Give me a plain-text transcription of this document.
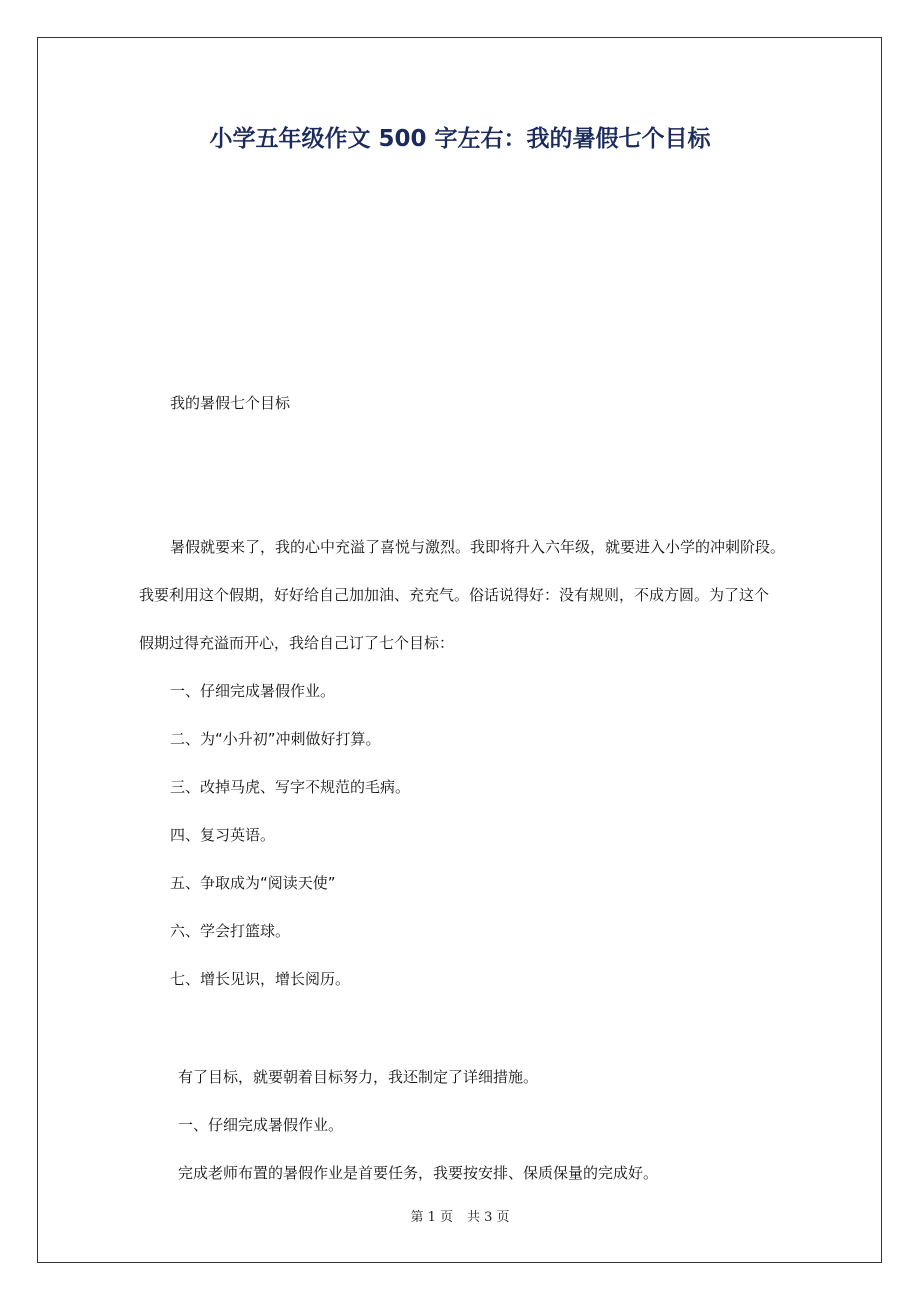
小学五年级作文 500 字左右：我的暑假七个目标
我的暑假七个目标
暑假就要来了，我的心中充溢了喜悦与激烈。我即将升入六年级，就要进入小学的冲刺阶段。
我要利用这个假期，好好给自己加加油、充充气。俗话说得好：没有规则，不成方圆。为了这个
假期过得充溢而开心，我给自己订了七个目标：
一、仔细完成暑假作业。
二、为“小升初”冲刺做好打算。
三、改掉马虎、写字不规范的毛病。
四、复习英语。
五、争取成为“阅读天使”
六、学会打篮球。
七、增长见识，增长阅历。
有了目标，就要朝着目标努力，我还制定了详细措施。
一、仔细完成暑假作业。
完成老师布置的暑假作业是首要任务，我要按安排、保质保量的完成好。
第 1 页 共 3 页
